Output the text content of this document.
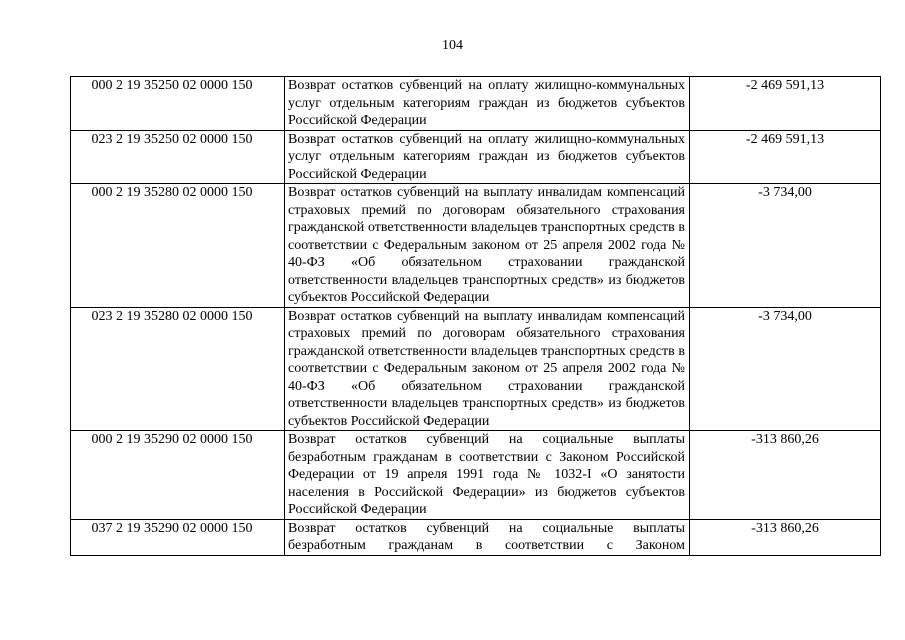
104
000 2 19 35250 02 0000 150	Возврат остатков субвенций на оплату жилищно-коммунальных услуг отдельным категориям граждан из бюджетов субъектов Российской Федерации	-2 469 591,13
023 2 19 35250 02 0000 150	Возврат остатков субвенций на оплату жилищно-коммунальных услуг отдельным категориям граждан из бюджетов субъектов Российской Федерации	-2 469 591,13
000 2 19 35280 02 0000 150	Возврат остатков субвенций на выплату инвалидам компенсаций страховых премий по договорам обязательного страхования гражданской ответственности владельцев транспортных средств в соответствии с Федеральным законом от 25 апреля 2002 года № 40-ФЗ «Об обязательном страховании гражданской ответственности владельцев транспортных средств» из бюджетов субъектов Российской Федерации	-3 734,00
023 2 19 35280 02 0000 150	Возврат остатков субвенций на выплату инвалидам компенсаций страховых премий по договорам обязательного страхования гражданской ответственности владельцев транспортных средств в соответствии с Федеральным законом от 25 апреля 2002 года № 40-ФЗ «Об обязательном страховании гражданской ответственности владельцев транспортных средств» из бюджетов субъектов Российской Федерации	-3 734,00
000 2 19 35290 02 0000 150	Возврат остатков субвенций на социальные выплаты безработным гражданам в соответствии с Законом Российской Федерации от 19 апреля 1991 года № 1032-I «О занятости населения в Российской Федерации» из бюджетов субъектов Российской Федерации	-313 860,26
037 2 19 35290 02 0000 150	Возврат остатков субвенций на социальные выплаты безработным гражданам в соответствии с Законом	-313 860,26
